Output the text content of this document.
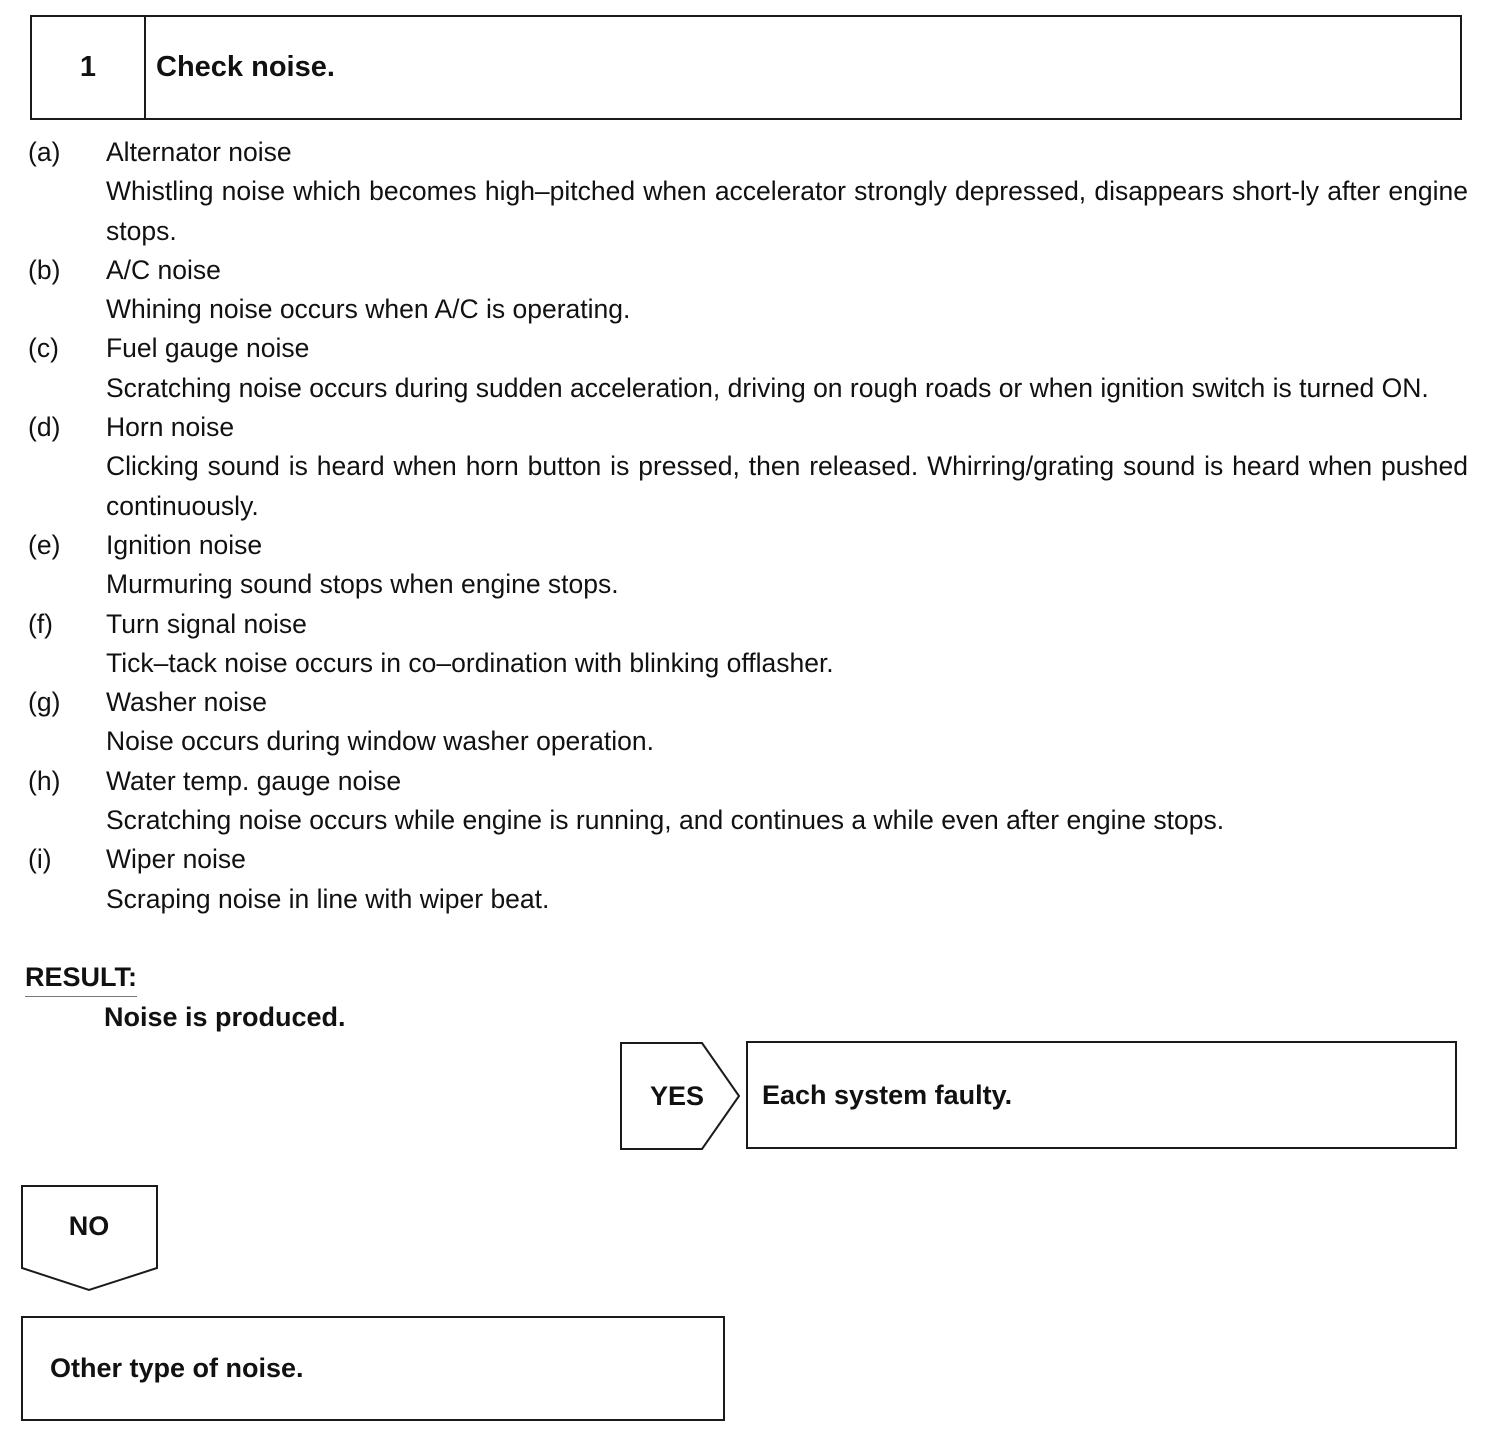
1	Check noise.
(a) Alternator noise
Whistling noise which becomes high–pitched when accelerator strongly depressed, disappears short-ly after engine stops.
(b) A/C noise
Whining noise occurs when A/C is operating.
(c) Fuel gauge noise
Scratching noise occurs during sudden acceleration, driving on rough roads or when ignition switch is turned ON.
(d) Horn noise
Clicking sound is heard when horn button is pressed, then released. Whirring/grating sound is heard when pushed continuously.
(e) Ignition noise
Murmuring sound stops when engine stops.
(f) Turn signal noise
Tick–tack noise occurs in co–ordination with blinking offlasher.
(g) Washer noise
Noise occurs during window washer operation.
(h) Water temp. gauge noise
Scratching noise occurs while engine is running, and continues a while even after engine stops.
(i) Wiper noise
Scraping noise in line with wiper beat.
RESULT:
Noise is produced.
YES	Each system faulty.
NO
Other type of noise.
